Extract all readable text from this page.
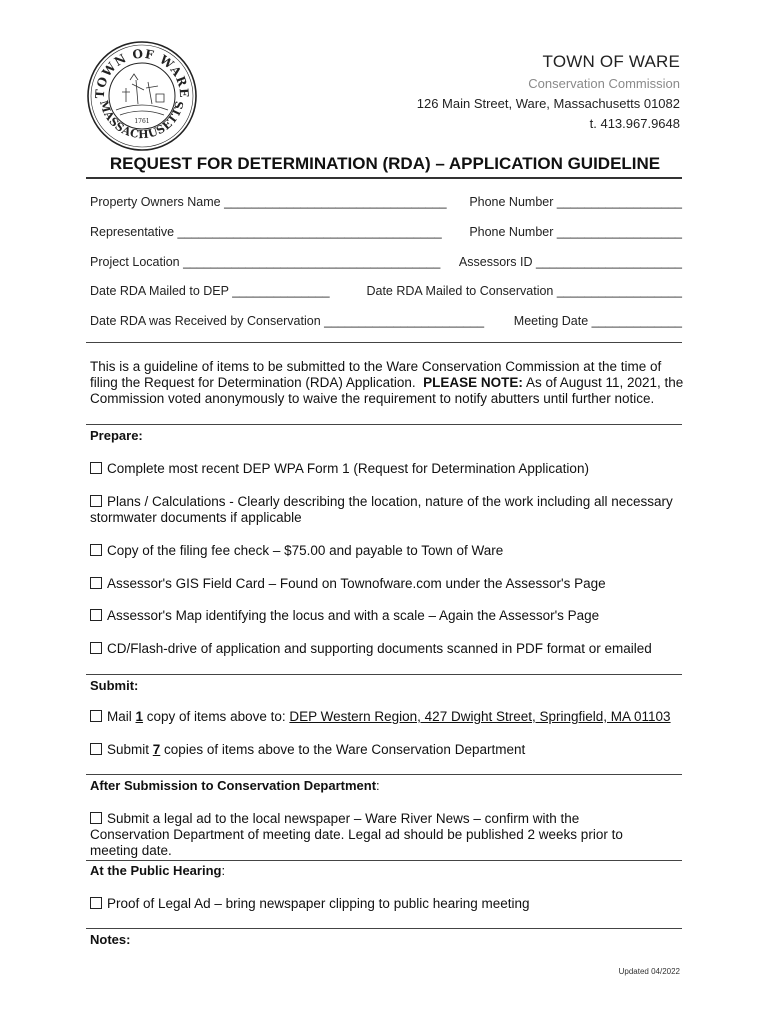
TOWN OF WARE
MASSACHUSETTS
1761
TOWN OF WARE
Conservation Commission
126 Main Street, Ware, Massachusetts 01082
t. 413.967.9648
REQUEST FOR DETERMINATION (RDA) – APPLICATION GUIDELINE
Property Owners Name ________________________________ Phone Number __________________
Representative ______________________________________ Phone Number __________________
Project Location _____________________________________ Assessors ID _____________________
Date RDA Mailed to DEP ______________	Date RDA Mailed to Conservation __________________
Date RDA was Received by Conservation _______________________ Meeting Date _____________
This is a guideline of items to be submitted to the Ware Conservation Commission at the time of filing the Request for Determination (RDA) Application. PLEASE NOTE: As of August 11, 2021, the Commission voted anonymously to waive the requirement to notify abutters until further notice.
Prepare:
Complete most recent DEP WPA Form 1 (Request for Determination Application)
Plans / Calculations - Clearly describing the location, nature of the work including all necessary stormwater documents if applicable
Copy of the filing fee check – $75.00 and payable to Town of Ware
Assessor's GIS Field Card – Found on Townofware.com under the Assessor's Page
Assessor's Map identifying the locus and with a scale – Again the Assessor's Page
CD/Flash-drive of application and supporting documents scanned in PDF format or emailed
Submit:
Mail 1 copy of items above to: DEP Western Region, 427 Dwight Street, Springfield, MA 01103
Submit 7 copies of items above to the Ware Conservation Department
After Submission to Conservation Department:
Submit a legal ad to the local newspaper – Ware River News – confirm with the Conservation Department of meeting date. Legal ad should be published 2 weeks prior to meeting date.
At the Public Hearing:
Proof of Legal Ad – bring newspaper clipping to public hearing meeting
Notes:
Updated 04/2022
